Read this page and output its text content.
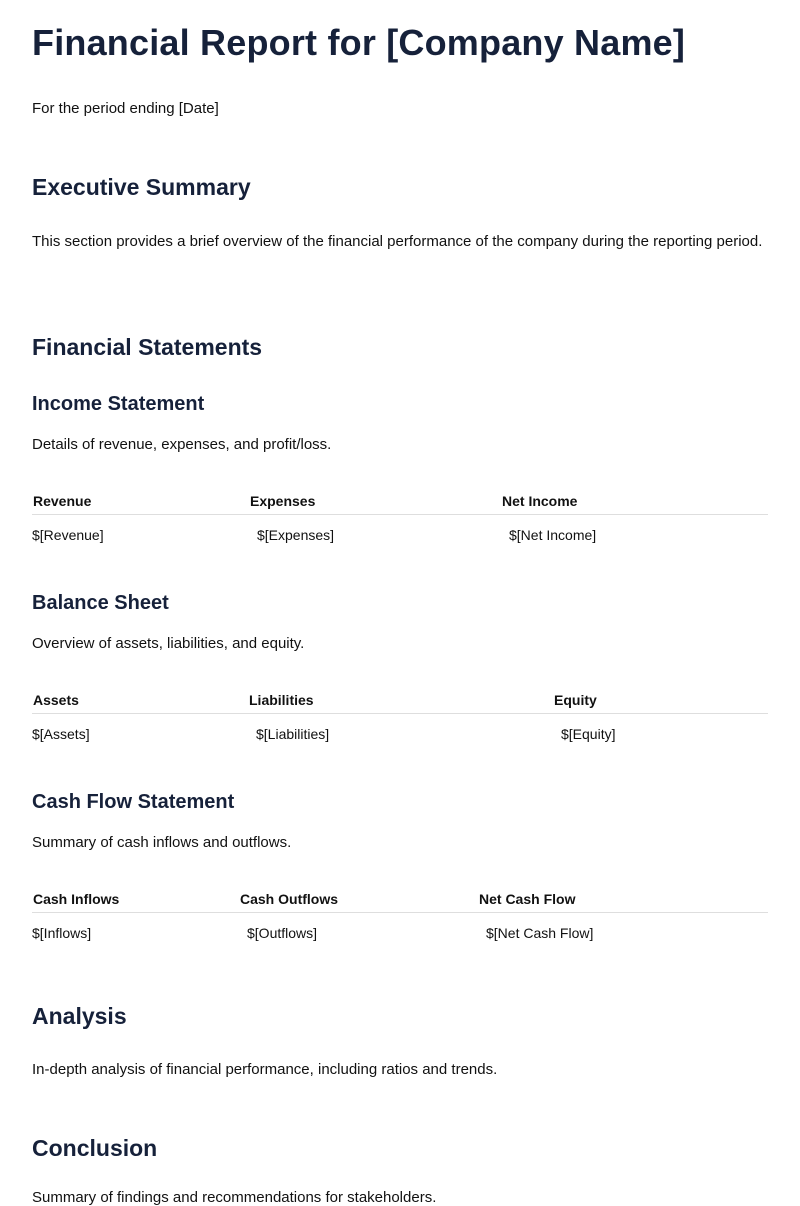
Financial Report for [Company Name]
For the period ending [Date]
Executive Summary
This section provides a brief overview of the financial performance of the company during the reporting period.
Financial Statements
Income Statement
Details of revenue, expenses, and profit/loss.
Revenue	Expenses	Net Income
$[Revenue]	$[Expenses]	$[Net Income]
Balance Sheet
Overview of assets, liabilities, and equity.
Assets	Liabilities	Equity
$[Assets]	$[Liabilities]	$[Equity]
Cash Flow Statement
Summary of cash inflows and outflows.
Cash Inflows	Cash Outflows	Net Cash Flow
$[Inflows]	$[Outflows]	$[Net Cash Flow]
Analysis
In-depth analysis of financial performance, including ratios and trends.
Conclusion
Summary of findings and recommendations for stakeholders.
